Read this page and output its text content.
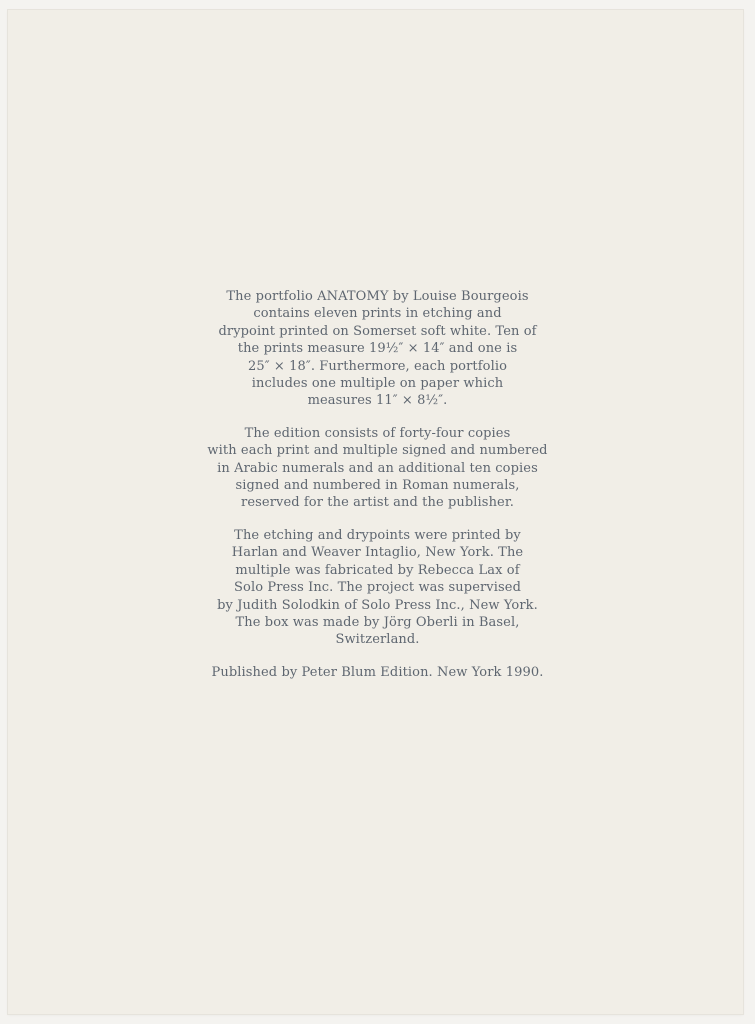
The portfolio ANATOMY by Louise Bourgeois
contains eleven prints in etching and
drypoint printed on Somerset soft white. Ten of
the prints measure 19½″ × 14″ and one is
25″ × 18″. Furthermore, each portfolio
includes one multiple on paper which
measures 11″ × 8½″.

The edition consists of forty-four copies
with each print and multiple signed and numbered
in Arabic numerals and an additional ten copies
signed and numbered in Roman numerals,
reserved for the artist and the publisher.

The etching and drypoints were printed by
Harlan and Weaver Intaglio, New York. The
multiple was fabricated by Rebecca Lax of
Solo Press Inc. The project was supervised
by Judith Solodkin of Solo Press Inc., New York.
The box was made by Jörg Oberli in Basel,
Switzerland.

Published by Peter Blum Edition. New York 1990.
